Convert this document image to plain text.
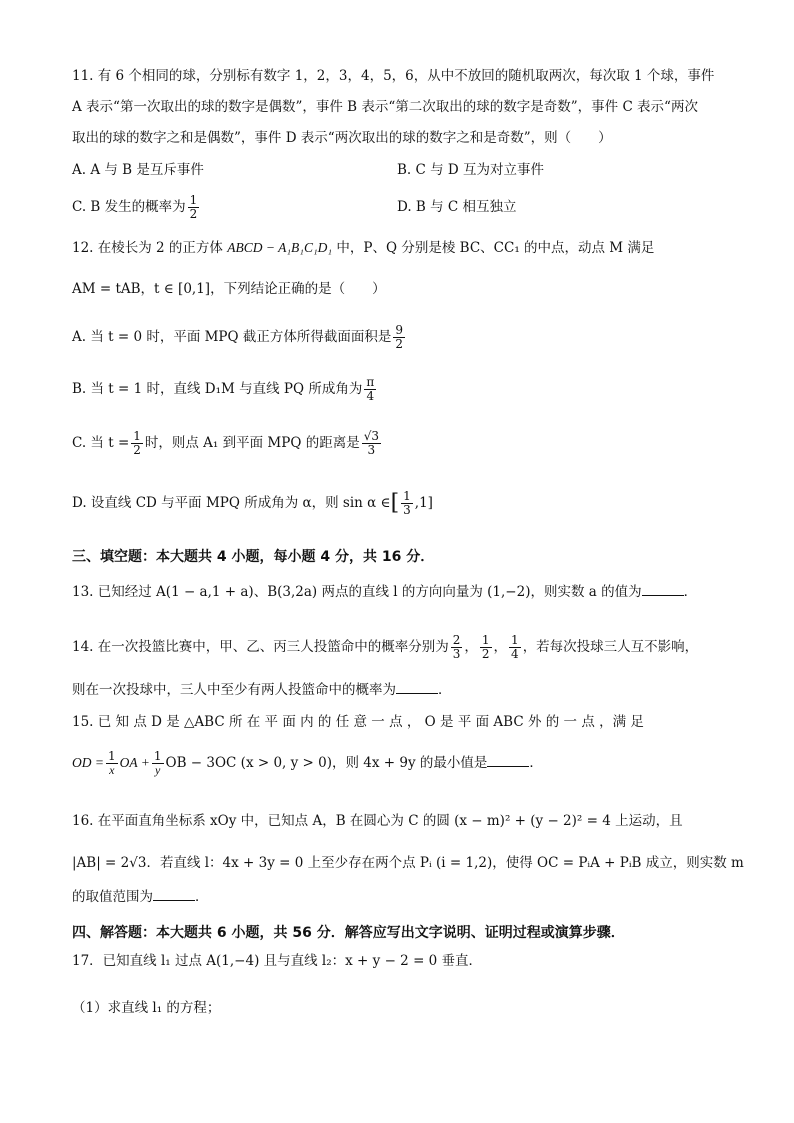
11. 有 6 个相同的球，分别标有数字 1，2，3，4，5，6，从中不放回的随机取两次，每次取 1 个球，事件
A 表示“第一次取出的球的数字是偶数”，事件 B 表示“第二次取出的球的数字是奇数”，事件 C 表示“两次
取出的球的数字之和是偶数”，事件 D 表示“两次取出的球的数字之和是奇数”，则（　　）
A. A 与 B 是互斥事件	B. C 与 D 互为对立事件
C. B 发生的概率为 $\frac{1}{2}$	D. B 与 C 相互独立
12. 在棱长为 2 的正方体 ABCD − A₁B₁C₁D₁ 中，P、Q 分别是棱 BC、CC₁ 的中点，动点 M 满足
AM = tAB，t ∈ [0,1]，下列结论正确的是（　　）
A. 当 t = 0 时，平面 MPQ 截正方体所得截面面积是 $\frac{9}{2}$
B. 当 t = 1 时，直线 D₁M 与直线 PQ 所成角为 $\frac{\pi}{4}$
C. 当 $t = \frac{1}{2}$ 时，则点 A₁ 到平面 MPQ 的距离是 $\frac{√3}{3}$
D. 设直线 CD 与平面 MPQ 所成角为 α，则 sin α ∈[ $\frac{1}{3} ,1$]
三、填空题：本大题共 4 小题，每小题 4 分，共 16 分．
13. 已知经过 A(1 − a,1 + a)、B(3,2a) 两点的直线 l 的方向向量为 (1,−2)，则实数 a 的值为	．
14. 在一次投篮比赛中，甲、乙、丙三人投篮命中的概率分别为 $\frac{2}{3}$ ， $\frac{1}{2}$ ， $\frac{1}{4}$ ，若每次投球三人互不影响，
则在一次投球中，三人中至少有两人投篮命中的概率为	．
15. 已 知 点 D 是 △ABC 所 在 平 面 内 的 任 意 一 点 ， O 是 平 面 ABC 外 的 一 点 ，满 足
OD = $\frac{1}{x}$ OA + $\frac{1}{y}$ OB − 3OC (x > 0, y > 0)，则 4x + 9y 的最小值是	．
16. 在平面直角坐标系 xOy 中，已知点 A，B 在圆心为 C 的圆 (x − m)² + (y − 2)² = 4 上运动，且
|AB| = 2√3．若直线 l：4x + 3y = 0 上至少存在两个点 Pᵢ (i = 1,2)，使得 OC = PᵢA + PᵢB 成立，则实数 m
的取值范围为	．
四、解答题：本大题共 6 小题，共 56 分．解答应写出文字说明、证明过程或演算步骤．
17．已知直线 l₁ 过点 A(1,−4) 且与直线 l₂：x + y − 2 = 0 垂直．
（1）求直线 l₁ 的方程；
